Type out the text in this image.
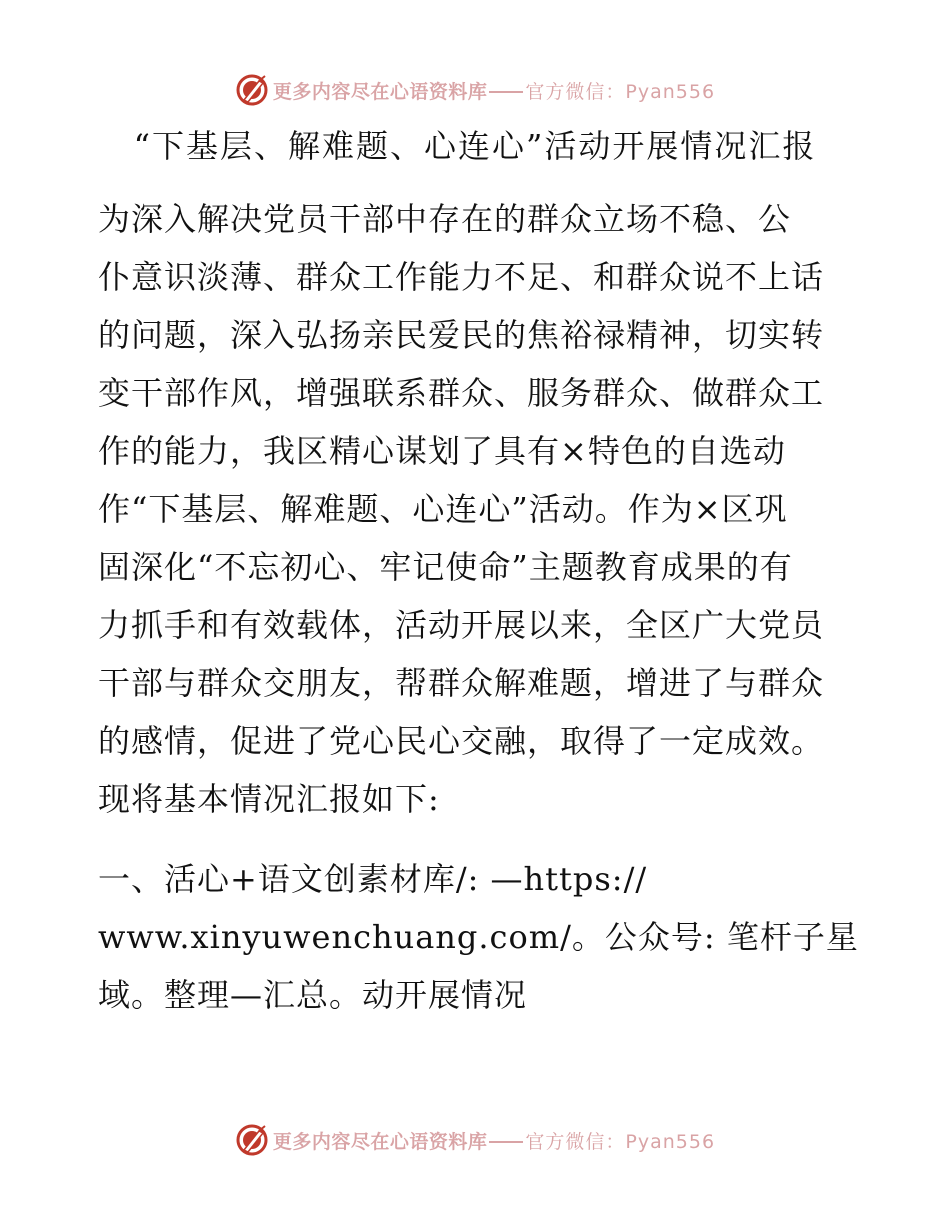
更多内容尽在心语资料库 官方微信：Pyan556
“下基层、解难题、心连心”活动开展情况汇报

为深入解决党员干部中存在的群众立场不稳、公

仆意识淡薄、群众工作能力不足、和群众说不上话

的问题，深入弘扬亲民爱民的焦裕禄精神，切实转

变干部作风，增强联系群众、服务群众、做群众工

作的能力，我区精心谋划了具有×特色的自选动

作“下基层、解难题、心连心”活动。作为×区巩

固深化“不忘初心、牢记使命”主题教育成果的有

力抓手和有效载体，活动开展以来，全区广大党员

干部与群众交朋友，帮群众解难题，增进了与群众

的感情，促进了党心民心交融，取得了一定成效。

现将基本情况汇报如下:

一、活心+语文创素材库/: —https://

www.xinyuwenchuang.com/。公众号: 笔杆子星

域。整理—汇总。动开展情况

更多内容尽在心语资料库 官方微信：Pyan556
